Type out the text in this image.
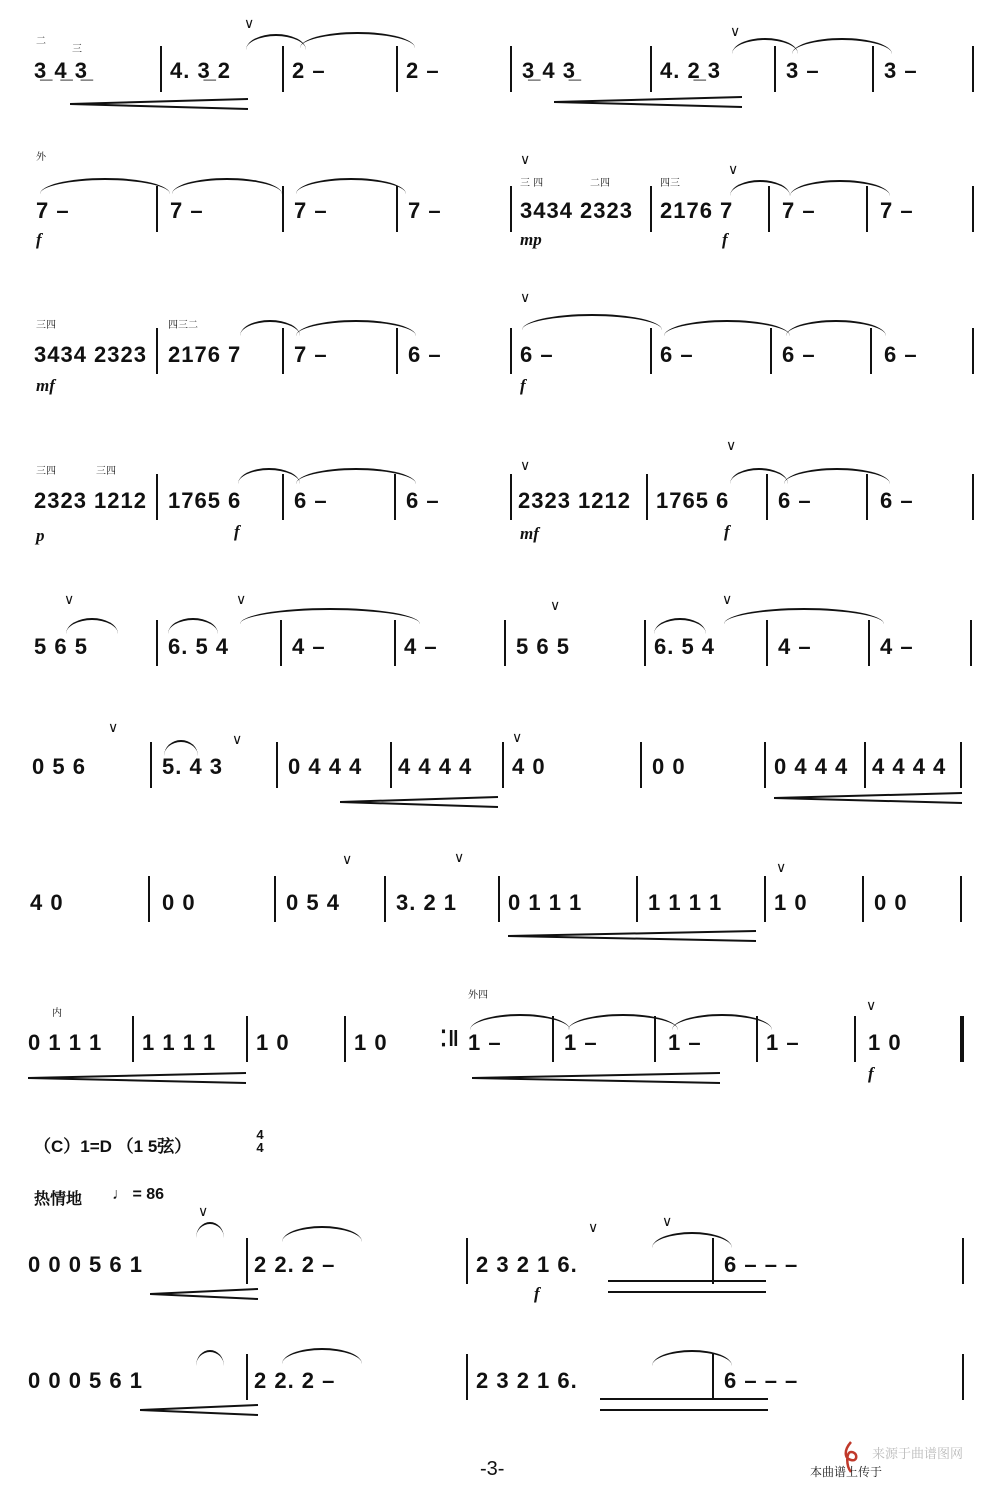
二
三
∨	∨
3̲ 4̲ 3̲	4. 3̲ 2	2 –	2 –	3̲ 4 3̲	4. 2̲ 3	3 –	3 –
外
三 四	二四	四三
∨
∨
7 –	7 –	7 –	7 –	3434 2323 2176 7 7 –	7 –
f	mp	f
三四	四三二
∨
3434 2323 2176 7 7 –	6 –	6 –	6 –	6 –	6 –
mf	f
三四	三四	∨
∨
2323 1212 1765 6 6 –	6 –	2323 1212 1765 6 6 –	6 –
p	f	mf	f
∨	∨	∨	∨
5 6 5	6. 5 4	4 –	4 –	5 6 5	6. 5 4	4 –	4 –
∨
∨	∨
0 5 6	5. 4 3	0 4 4 4 4 4 4 4 4 0	0 0	0 4 4 4 4 4 4 4
∨	∨
∨
4 0	0 0	0 5 4	3. 2 1 0 1 1 1	1 1 1 1 1 0	0 0
内
外四
∨
0 1 1 1 1 1 1 1 1 0	1 0 ⁚‖ 1 –	1 –	1 –	1 –	1 0
f
（C）1=D （1 5弦）
4
4
热情地 ♩ = 86
∨
∨	∨
0 0 0 5 6 1	2 2. 2 –	2 3 2 1 6.	6 – – –
f
0 0 0 5 6 1	2 2. 2 –	2 3 2 1 6.	6 – – –
-3-
来源于曲谱图网
本曲谱上传于
